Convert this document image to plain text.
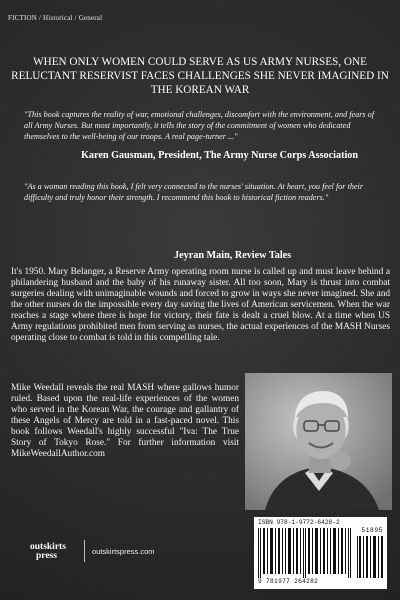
FICTION / Historical / General
WHEN ONLY WOMEN COULD SERVE AS US ARMY NURSES, ONE RELUCTANT RESERVIST FACES CHALLENGES SHE NEVER IMAGINED IN THE KOREAN WAR
"This book captures the reality of war, emotional challenges, discomfort with the environment, and fears of all Army Nurses. But most importantly, it tells the story of the commitment of women who dedicated themselves to the well-being of our troops. A real page-turner ..."
Karen Gausman, President, The Army Nurse Corps Association
"As a woman reading this book, I felt very connected to the nurses' situation. At heart, you feel for their difficulty and truly honor their strength. I recommend this book to historical fiction readers."
Jeyran Main, Review Tales
It's 1950. Mary Belanger, a Reserve Army operating room nurse is called up and must leave behind a philandering husband and the baby of his runaway sister. All too soon, Mary is thrust into combat surgeries dealing with unimaginable wounds and forced to grow in ways she never imagined. She and the other nurses do the impossible every day saving the lives of American servicemen. When the war reaches a stage where there is hope for victory, their fate is dealt a cruel blow. At a time when US Army regulations prohibited men from serving as nurses, the actual experiences of the MASH Nurses operating close to combat is told in this compelling tale.
Mike Weedall reveals the real MASH where gallows humor ruled. Based upon the real-life experiences of the women who served in the Korean War, the courage and gallantry of these Angels of Mercy are told in a fast-paced novel. This book follows Weedall's highly successful "Iva: The True Story of Tokyo Rose." For further information visit MikeWeedallAuthor.com
ISBN 978-1-9772-6428-2
51895
9 781977 264282
outskirts
press	outskirtspress.com
